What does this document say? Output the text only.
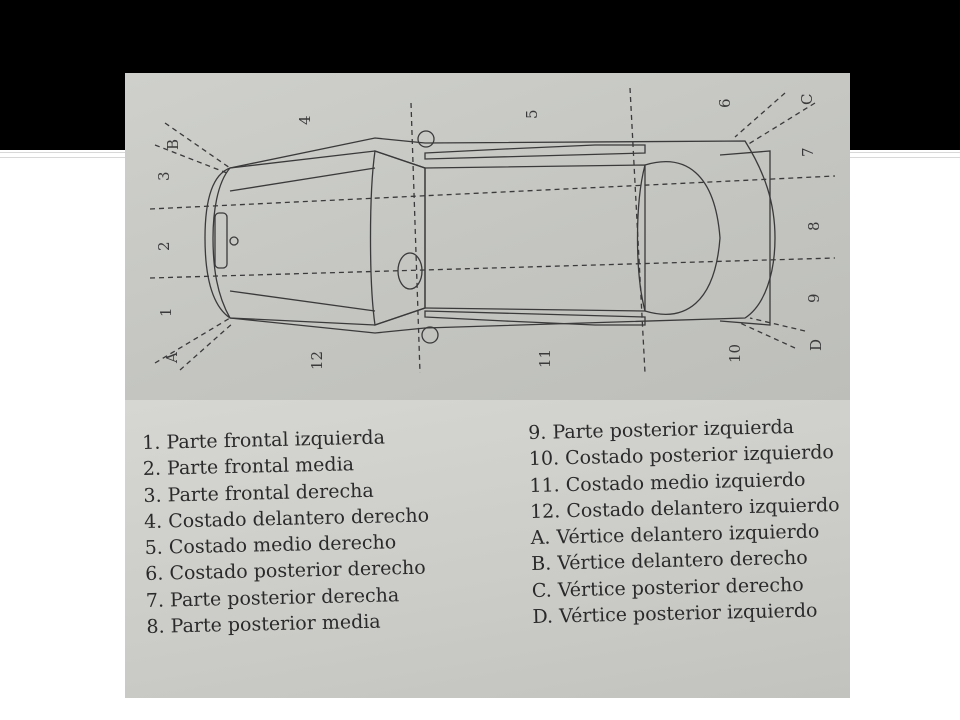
1
2
3
4
5
6
7
8
9
10
11
12
A
B
C
D
1. Parte frontal izquierda
2. Parte frontal media
3. Parte frontal derecha
4. Costado delantero derecho
5. Costado medio derecho
6. Costado posterior derecho
7. Parte posterior derecha
8. Parte posterior media
9. Parte posterior izquierda
10. Costado posterior izquierdo
11. Costado medio izquierdo
12. Costado delantero izquierdo
A. Vértice delantero izquierdo
B. Vértice delantero derecho
C. Vértice posterior derecho
D. Vértice posterior izquierdo
